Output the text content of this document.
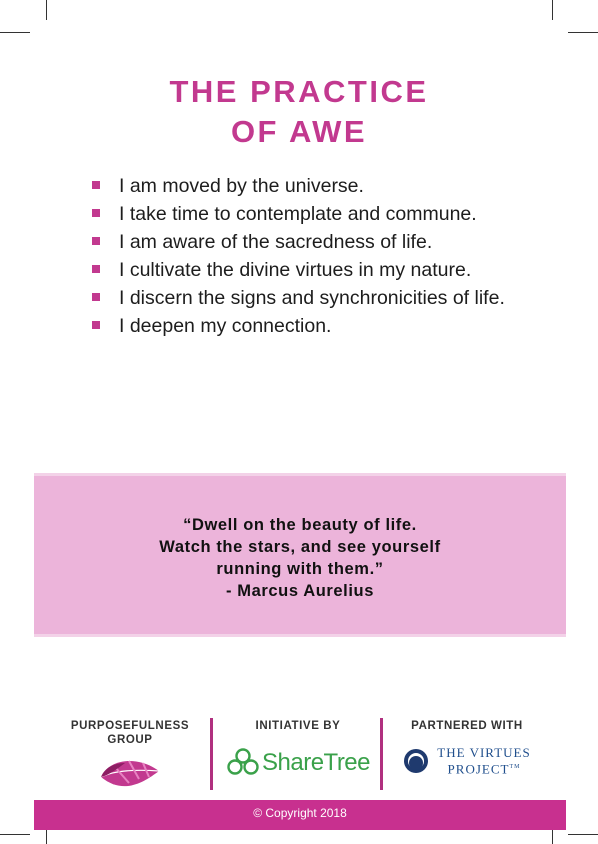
THE PRACTICE
OF AWE
I am moved by the universe.
I take time to contemplate and commune.
I am aware of the sacredness of life.
I cultivate the divine virtues in my nature.
I discern the signs and synchronicities of life.
I deepen my connection.
“Dwell on the beauty of life.
Watch the stars, and see yourself
running with them.”
- Marcus Aurelius
PURPOSEFULNESS GROUP
INITIATIVE BY
ShareTree
PARTNERED WITH
THE VIRTUES
PROJECT™
© Copyright 2018
